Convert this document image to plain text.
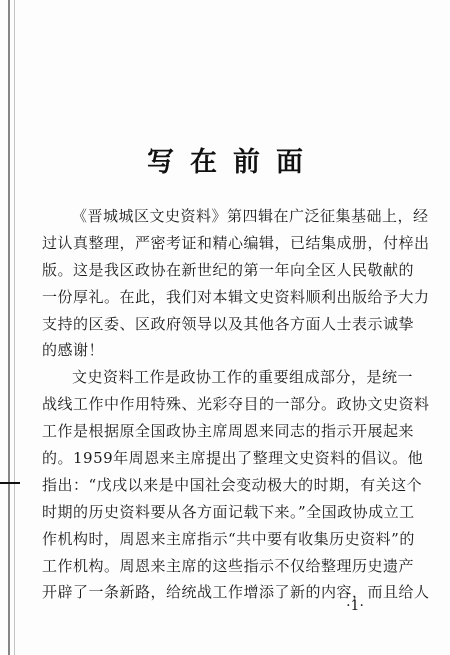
写在前面
《晋城城区文史资料》第四辑在广泛征集基础上，经
过认真整理，严密考证和精心编辑，已结集成册，付梓出
版。这是我区政协在新世纪的第一年向全区人民敬献的
一份厚礼。在此，我们对本辑文史资料顺利出版给予大力
支持的区委、区政府领导以及其他各方面人士表示诚挚
的感谢！
文史资料工作是政协工作的重要组成部分，是统一
战线工作中作用特殊、光彩夺目的一部分。政协文史资料
工作是根据原全国政协主席周恩来同志的指示开展起来
的。1959年周恩来主席提出了整理文史资料的倡议。他
指出：“戊戌以来是中国社会变动极大的时期，有关这个
时期的历史资料要从各方面记载下来。”全国政协成立工
作机构时，周恩来主席指示“共中要有收集历史资料”的
工作机构。周恩来主席的这些指示不仅给整理历史遗产
开辟了一条新路，给统战工作增添了新的内容，而且给人
·1·
